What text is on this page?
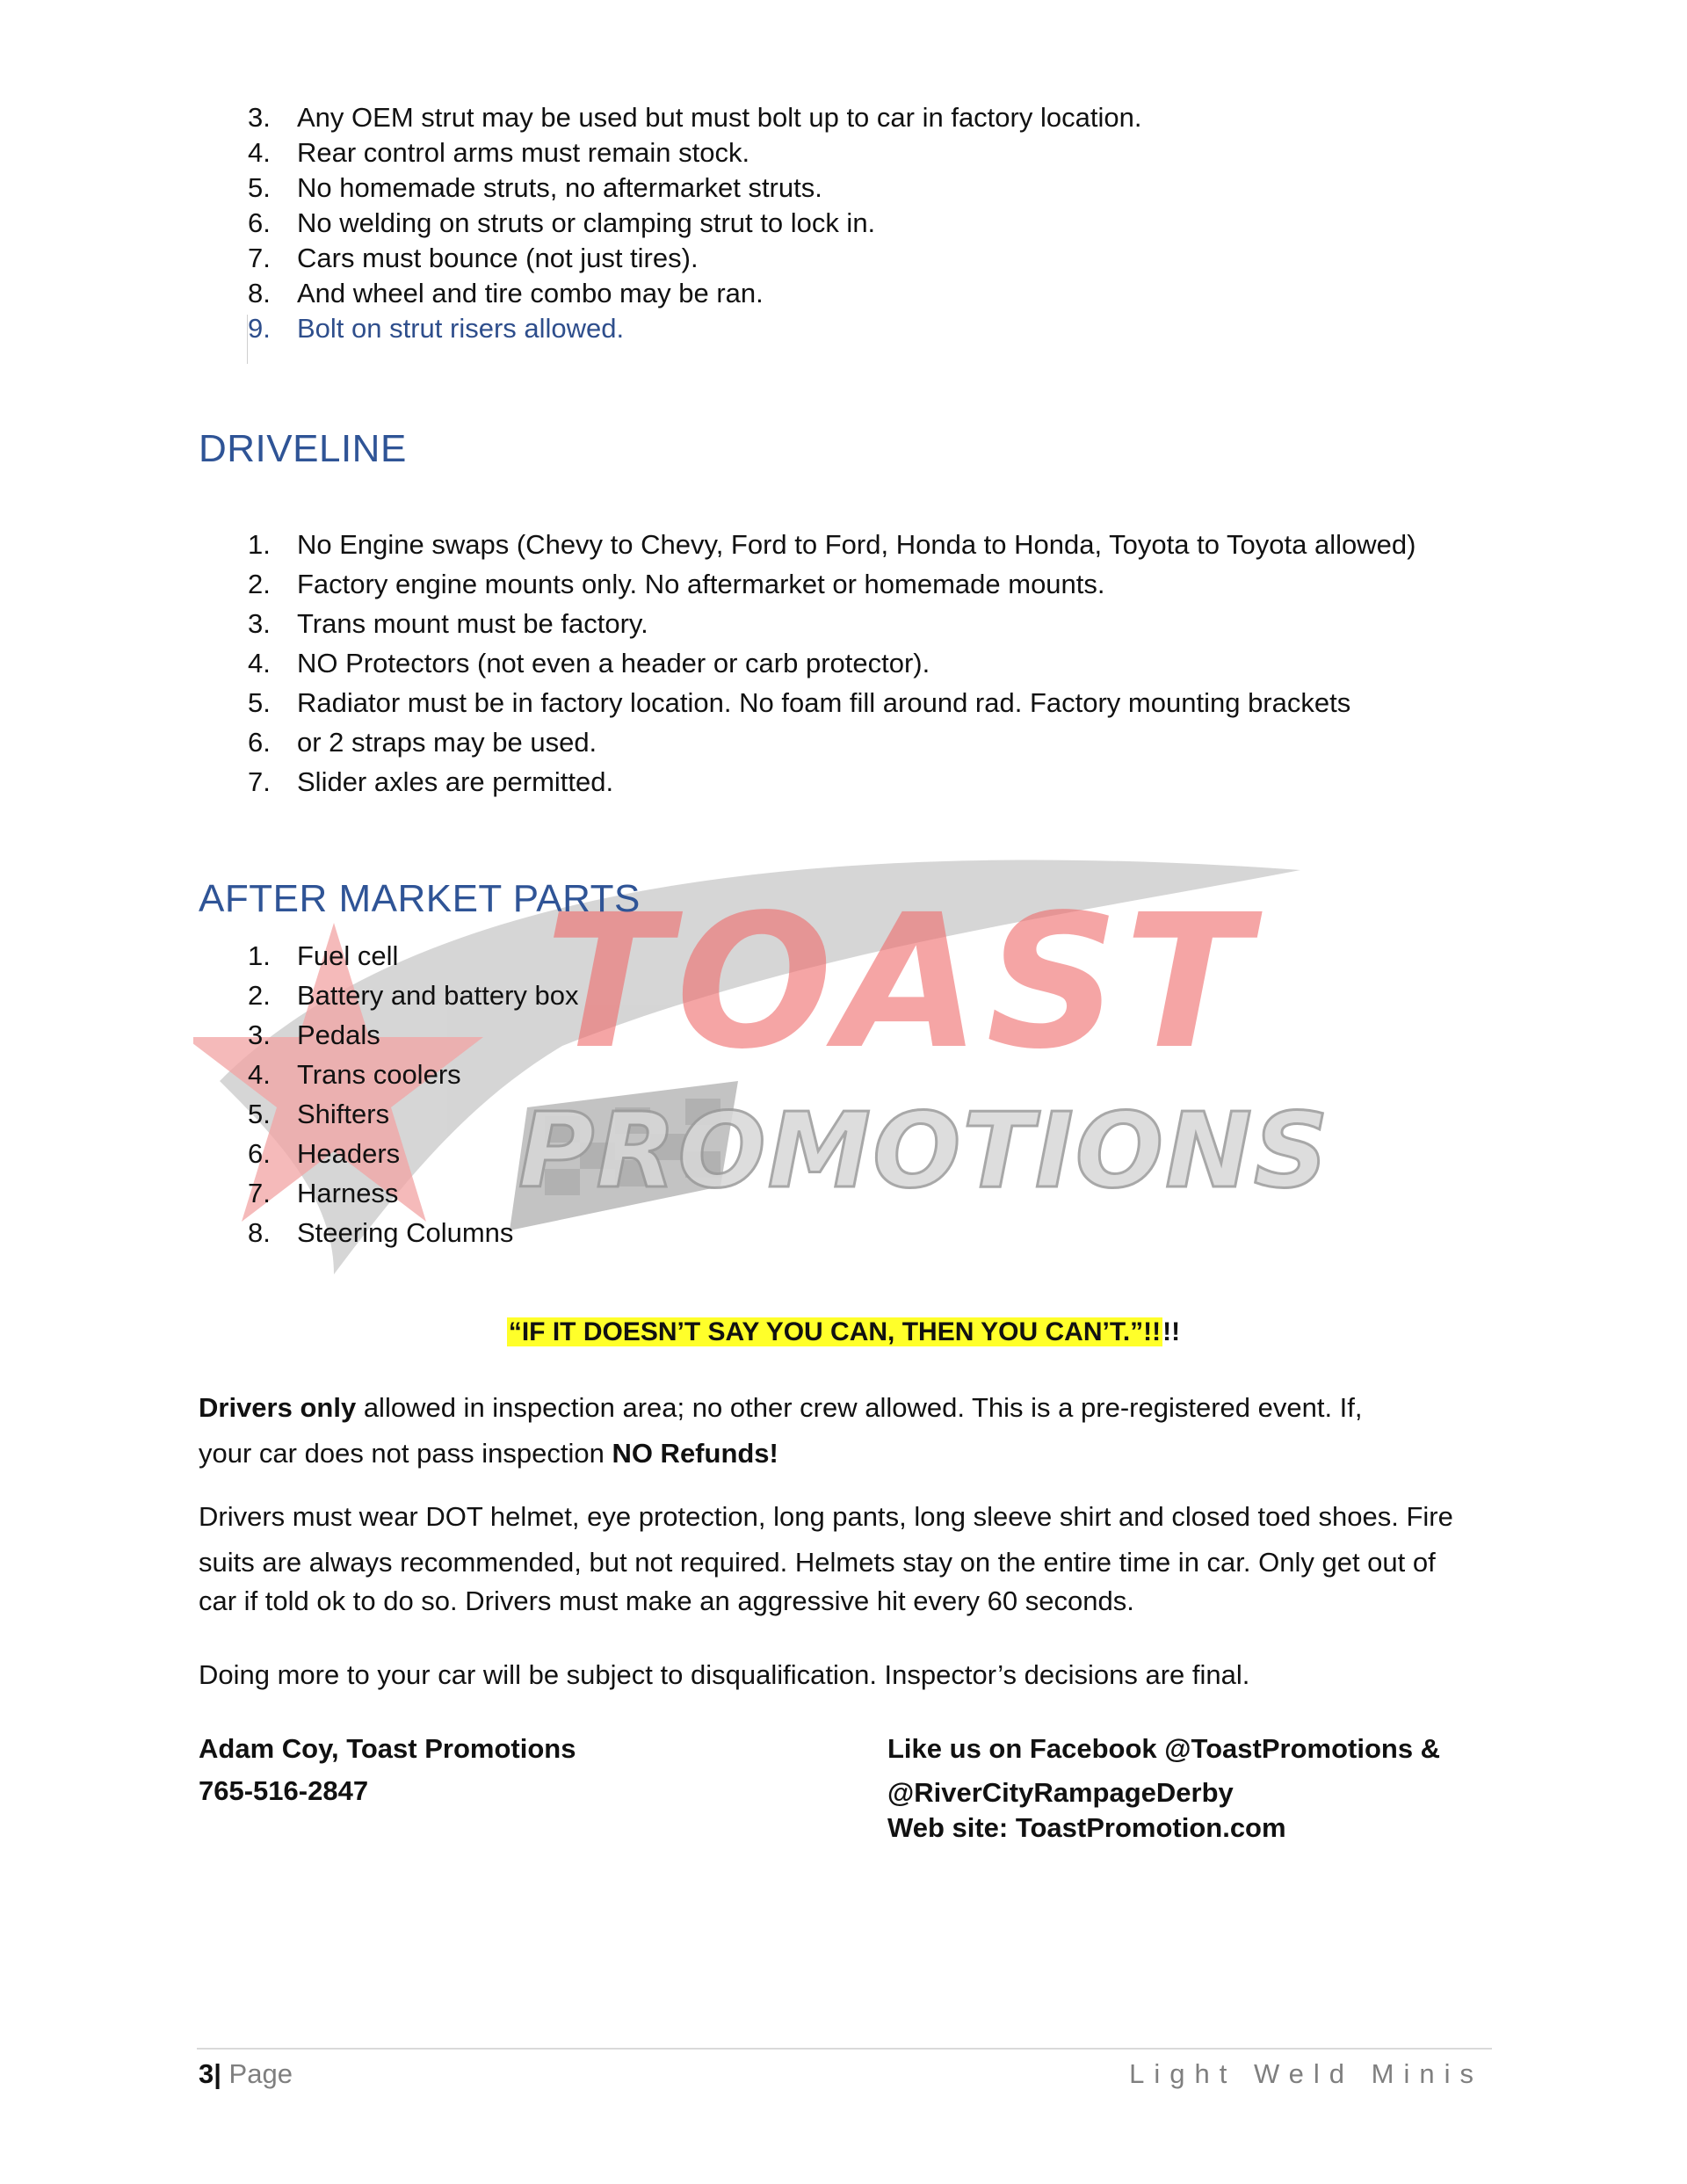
3. Any OEM strut may be used but must bolt up to car in factory location.
4. Rear control arms must remain stock.
5. No homemade struts, no aftermarket struts.
6. No welding on struts or clamping strut to lock in.
7. Cars must bounce (not just tires).
8. And wheel and tire combo may be ran.
9. Bolt on strut risers allowed.
DRIVELINE
1. No Engine swaps (Chevy to Chevy, Ford to Ford, Honda to Honda, Toyota to Toyota allowed)
2. Factory engine mounts only. No aftermarket or homemade mounts.
3. Trans mount must be factory.
4. NO Protectors (not even a header or carb protector).
5. Radiator must be in factory location. No foam fill around rad. Factory mounting brackets
6. or 2 straps may be used.
7. Slider axles are permitted.
TOAST
PROMOTIONS
AFTER MARKET PARTS
1. Fuel cell
2. Battery and battery box
3. Pedals
4. Trans coolers
5. Shifters
6. Headers
7. Harness
8. Steering Columns
“IF IT DOESN’T SAY YOU CAN, THEN YOU CAN’T.”!!!!
Drivers only allowed in inspection area; no other crew allowed. This is a pre-registered event. If,
your car does not pass inspection NO Refunds!
Drivers must wear DOT helmet, eye protection, long pants, long sleeve shirt and closed toed shoes. Fire
suits are always recommended, but not required. Helmets stay on the entire time in car. Only get out of
car if told ok to do so. Drivers must make an aggressive hit every 60 seconds.
Doing more to your car will be subject to disqualification. Inspector’s decisions are final.
Adam Coy, Toast Promotions
765-516-2847
Like us on Facebook @ToastPromotions &
@RiverCityRampageDerby
Web site: ToastPromotion.com
3| Page	Light Weld Minis
